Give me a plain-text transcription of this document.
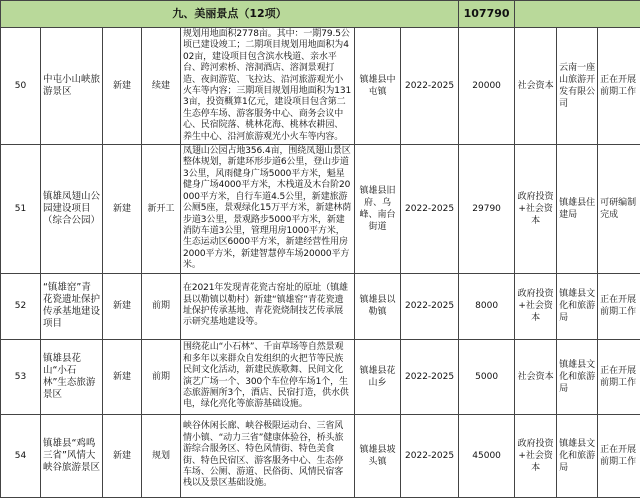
九、美丽景点（12项）							107790			
50	中屯小山峡旅游景区	新建	续建	规划用地面积2778亩。其中：一期79.5公顷已建设竣工；二期项目规划用地面积为402亩，建设项目包含滨水栈道、亲水平台、跨河索桥、溶洞酒店、溶洞景观打造、夜间游览、飞拉达、沿河旅游观光小火车等内容；三期项目规划用地面积为1313亩，投资概算1亿元，建设项目包含第二生态停车场、游客服务中心、商务会议中心、民宿院落、桃林花海、桃林农耕园、养生中心、沿河旅游观光小火车等内容。	镇雄县中屯镇	2022-2025	20000	社会资本	云南一座山旅游开发有限公司	正在开展前期工作
51	镇雄凤翅山公园建设项目（综合公园）	新建	新开工	凤翅山公园占地356.4亩，围绕凤翅山景区整体规划，新建环形步道6公里，登山步道3公里，风雨健身广场5000平方米，魁星健身广场4000平方米，木栈道及木台阶20000平方米，自行车道4.5公里，新建旅游公厕5座，景观绿化15万平方米，新建林荫步道3公里，景观路步5000平方米，新建消防车道3公里，管理用房1000平方米，生态运动区6000平方米，新建经营性用房2000平方米，新建智慧停车场20000平方米。	镇雄县旧府、乌峰、南台街道	2022-2025	29790	政府投资+社会资本	镇雄县住建局	可研编制完成
52	“镇雄窑”青花瓷遗址保护传承基地建设项目	新建	前期	在2021年发现青花瓷古窑址的原址（镇雄县以勒镇以勒村）新建“镇雄窑”青花瓷遗址保护传承基地、青花瓷烧制技艺传承展示研究基地建设等。	镇雄县以勒镇	2022-2025	8000	政府投资+社会资本	镇雄县文化和旅游局	正在开展前期工作
53	镇雄县花山“小石林”生态旅游景区	新建	前期	围绕花山“小石林”、千亩草场等自然景观和多年以来群众自发组织的火把节等民族民间文化活动，新建民族歌舞、民间文化演艺广场一个、300个车位停车场1个，生态旅游厕所3个，酒店、民宿打造，供水供电，绿化亮化等旅游基础设施。	镇雄县花山乡	2022-2025	5000	社会资本	镇雄县文化和旅游局	正在开展前期工作
54	镇雄县“鸡鸣三省”风情大峡谷旅游景区	新建	规划	峡谷休闲长廊、峡谷极限运动台、三省风情小镇、“动力三省”健康体验谷，桥头旅游综合服务区、特色风情街、特色美食街、特色民宿区、游客服务中心、生态停车场、公厕、游道、民俗街、风情民宿客栈以及景区基础设施。	镇雄县坡头镇	2022-2025	45000	政府投资+社会资本	镇雄县文化和旅游局	正在开展前期工作
